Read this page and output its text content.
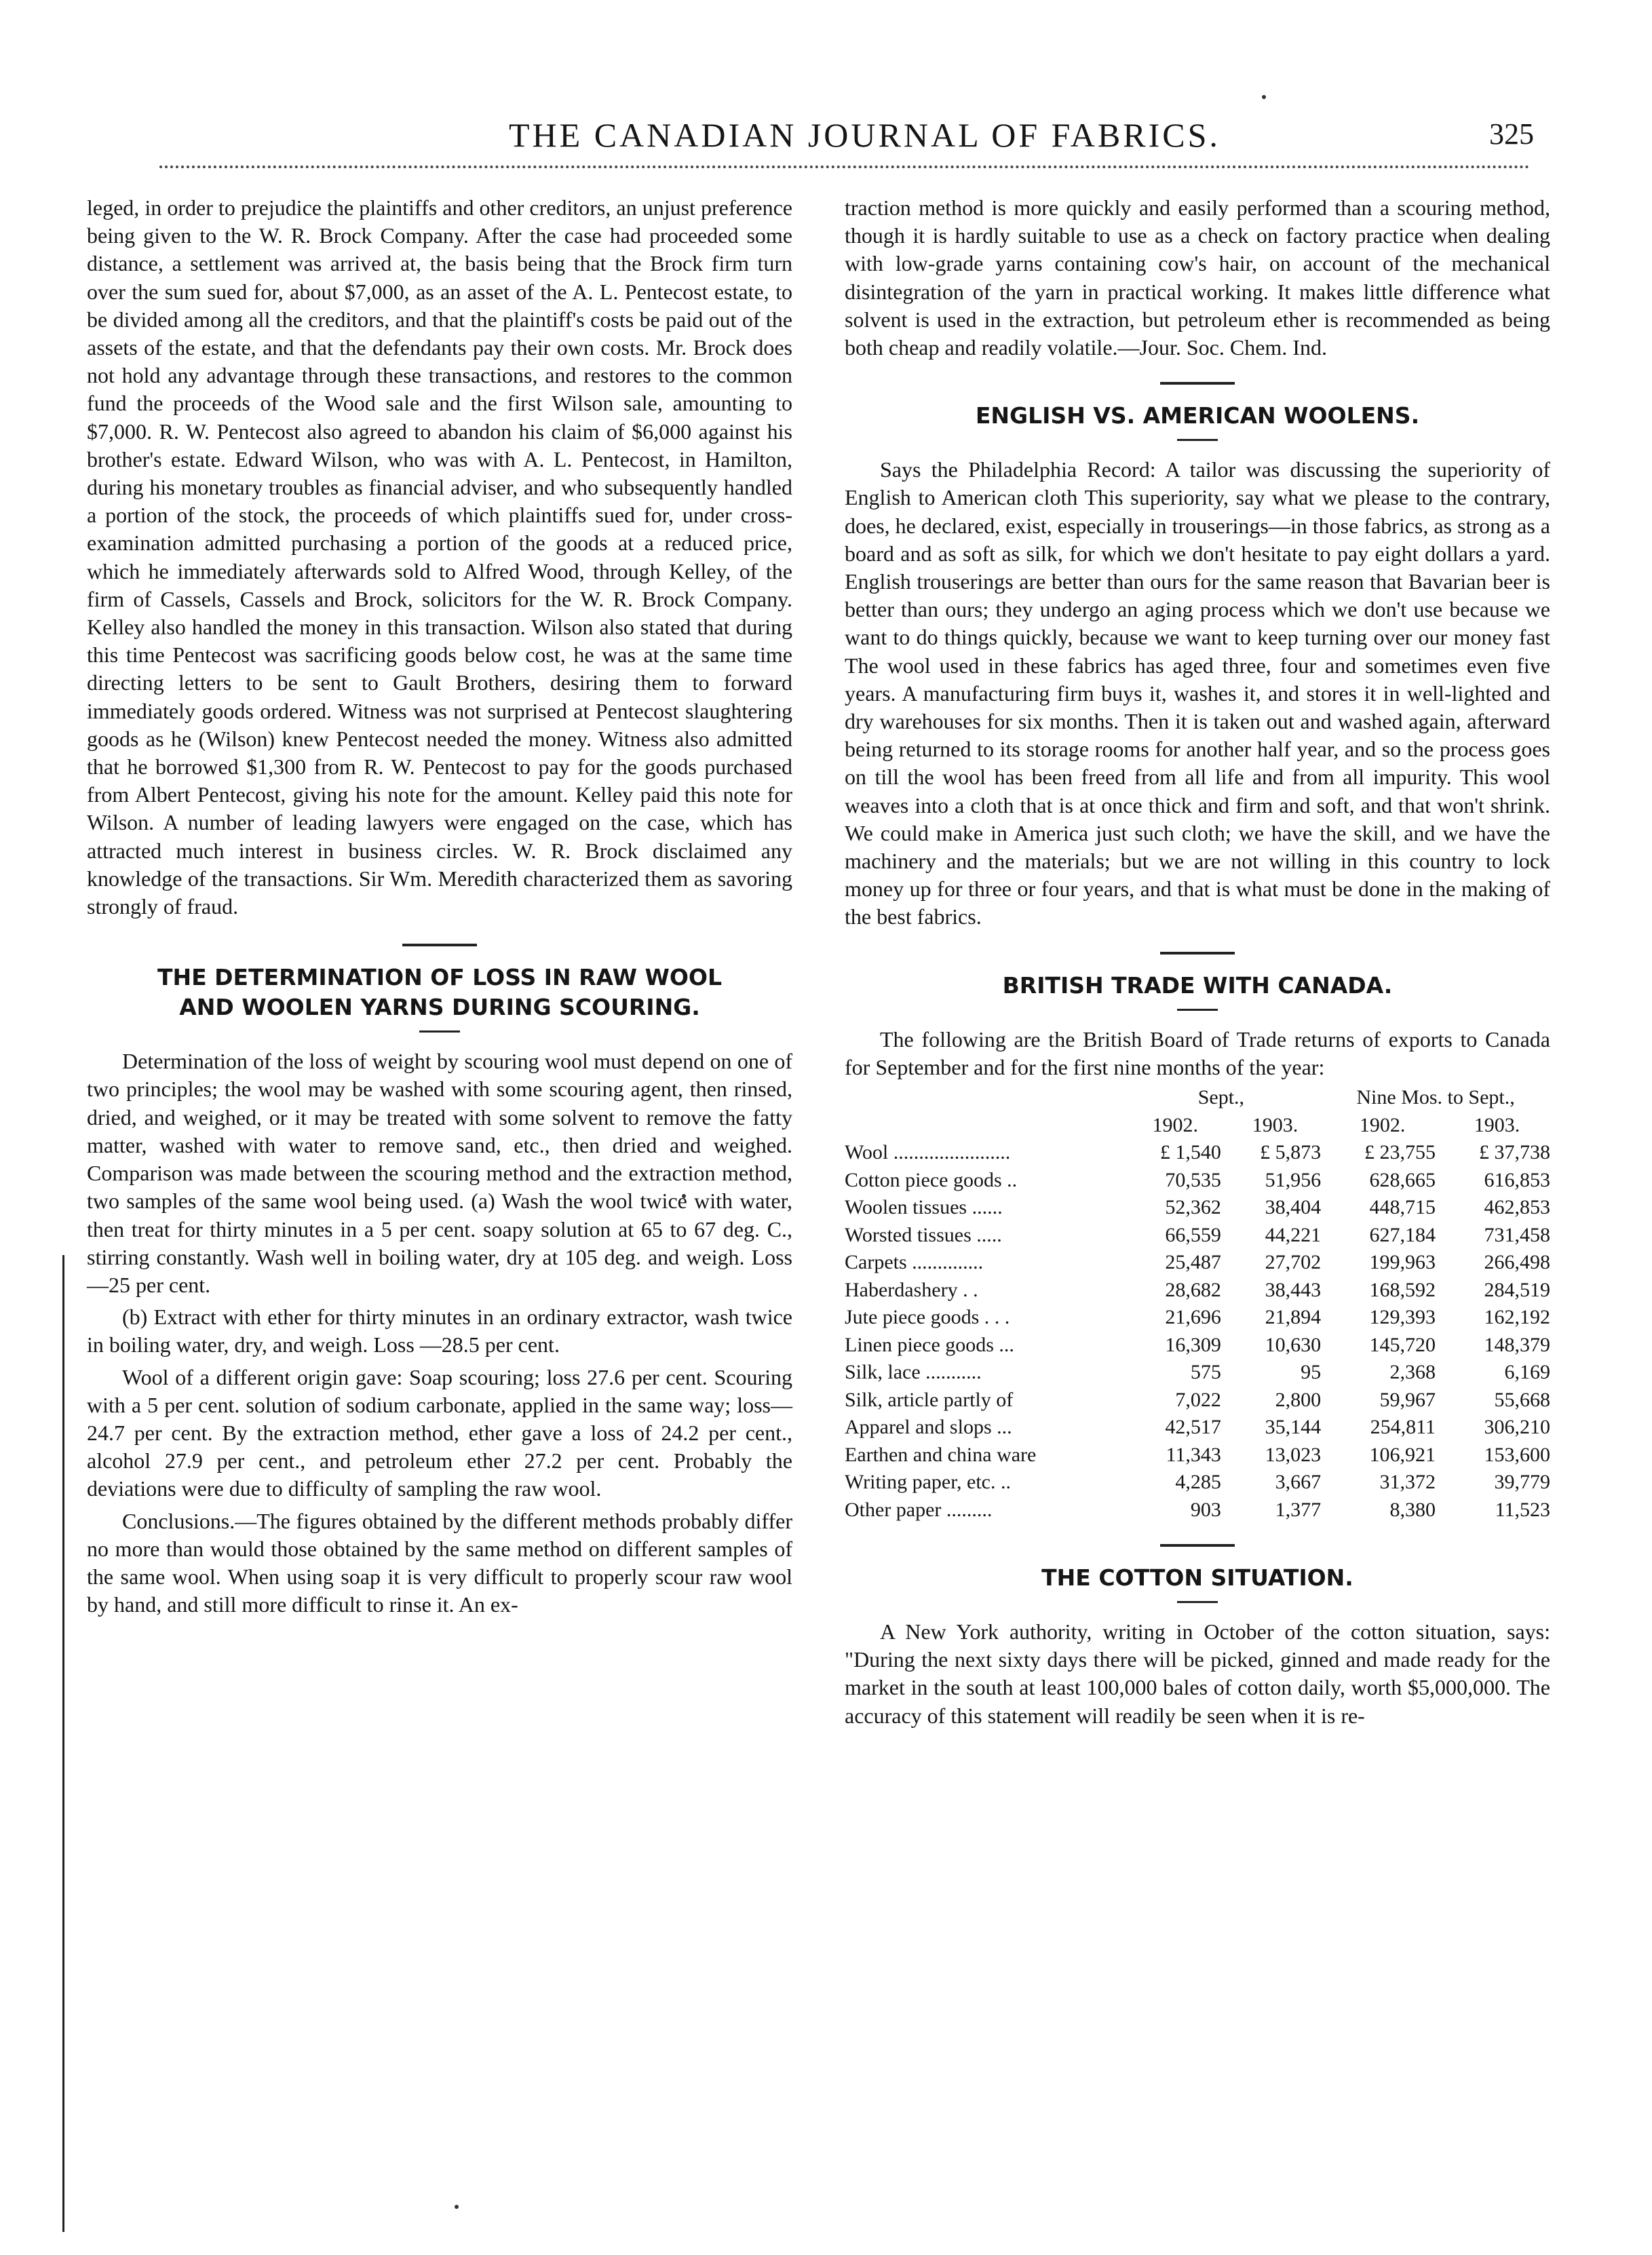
THE CANADIAN JOURNAL OF FABRICS.	325

leged, in order to prejudice the plaintiffs and other creditors, an unjust preference being given to the W. R. Brock Company. After the case had proceeded some distance, a settlement was arrived at, the basis being that the Brock firm turn over the sum sued for, about $7,000, as an asset of the A. L. Pentecost estate, to be divided among all the creditors, and that the plaintiff's costs be paid out of the assets of the estate, and that the defendants pay their own costs. Mr. Brock does not hold any advantage through these transactions, and restores to the common fund the proceeds of the Wood sale and the first Wilson sale, amounting to $7,000. R. W. Pentecost also agreed to abandon his claim of $6,000 against his brother's estate. Edward Wilson, who was with A. L. Pentecost, in Hamilton, during his monetary troubles as financial adviser, and who subsequently handled a portion of the stock, the proceeds of which plaintiffs sued for, under cross-examination admitted purchasing a portion of the goods at a reduced price, which he immediately afterwards sold to Alfred Wood, through Kelley, of the firm of Cassels, Cassels and Brock, solicitors for the W. R. Brock Company. Kelley also handled the money in this transaction. Wilson also stated that during this time Pentecost was sacrificing goods below cost, he was at the same time directing letters to be sent to Gault Brothers, desiring them to forward immediately goods ordered. Witness was not surprised at Pentecost slaughtering goods as he (Wilson) knew Pentecost needed the money. Witness also admitted that he borrowed $1,300 from R. W. Pentecost to pay for the goods purchased from Albert Pentecost, giving his note for the amount. Kelley paid this note for Wilson. A number of leading lawyers were engaged on the case, which has attracted much interest in business circles. W. R. Brock disclaimed any knowledge of the transactions. Sir Wm. Meredith characterized them as savoring strongly of fraud.

THE DETERMINATION OF LOSS IN RAW WOOL

AND WOOLEN YARNS DURING SCOURING.

Determination of the loss of weight by scouring wool must depend on one of two principles; the wool may be washed with some scouring agent, then rinsed, dried, and weighed, or it may be treated with some solvent to remove the fatty matter, washed with water to remove sand, etc., then dried and weighed. Comparison was made between the scouring method and the extraction method, two samples of the same wool being used. (a) Wash the wool twice with water, then treat for thirty minutes in a 5 per cent. soapy solution at 65 to 67 deg. C., stirring constantly. Wash well in boiling water, dry at 105 deg. and weigh. Loss—25 per cent.

(b) Extract with ether for thirty minutes in an ordinary extractor, wash twice in boiling water, dry, and weigh. Loss —28.5 per cent.

Wool of a different origin gave: Soap scouring; loss 27.6 per cent. Scouring with a 5 per cent. solution of sodium carbonate, applied in the same way; loss—24.7 per cent. By the extraction method, ether gave a loss of 24.2 per cent., alcohol 27.9 per cent., and petroleum ether 27.2 per cent. Probably the deviations were due to difficulty of sampling the raw wool.

Conclusions.—The figures obtained by the different methods probably differ no more than would those obtained by the same method on different samples of the same wool. When using soap it is very difficult to properly scour raw wool by hand, and still more difficult to rinse it. An ex-

traction method is more quickly and easily performed than a scouring method, though it is hardly suitable to use as a check on factory practice when dealing with low-grade yarns containing cow's hair, on account of the mechanical disintegration of the yarn in practical working. It makes little difference what solvent is used in the extraction, but petroleum ether is recommended as being both cheap and readily volatile.—Jour. Soc. Chem. Ind.

ENGLISH VS. AMERICAN WOOLENS.

Says the Philadelphia Record: A tailor was discussing the superiority of English to American cloth This superiority, say what we please to the contrary, does, he declared, exist, especially in trouserings—in those fabrics, as strong as a board and as soft as silk, for which we don't hesitate to pay eight dollars a yard. English trouserings are better than ours for the same reason that Bavarian beer is better than ours; they undergo an aging process which we don't use because we want to do things quickly, because we want to keep turning over our money fast The wool used in these fabrics has aged three, four and sometimes even five years. A manufacturing firm buys it, washes it, and stores it in well-lighted and dry warehouses for six months. Then it is taken out and washed again, afterward being returned to its storage rooms for another half year, and so the process goes on till the wool has been freed from all life and from all impurity. This wool weaves into a cloth that is at once thick and firm and soft, and that won't shrink. We could make in America just such cloth; we have the skill, and we have the machinery and the materials; but we are not willing in this country to lock money up for three or four years, and that is what must be done in the making of the best fabrics.

BRITISH TRADE WITH CANADA.

The following are the British Board of Trade returns of exports to Canada for September and for the first nine months of the year:

	Sept.,		Nine Mos. to Sept.,	
	1902.	1903.	1902.	1903.
Wool .......................	£ 1,540	£ 5,873	£ 23,755	£ 37,738
Cotton piece goods ..	70,535	51,956	628,665	616,853
Woolen tissues ......	52,362	38,404	448,715	462,853
Worsted tissues .....	66,559	44,221	627,184	731,458
Carpets ..............	25,487	27,702	199,963	266,498
Haberdashery . .	28,682	38,443	168,592	284,519
Jute piece goods . . .	21,696	21,894	129,393	162,192
Linen piece goods ...	16,309	10,630	145,720	148,379
Silk, lace ...........	575	95	2,368	6,169
Silk, article partly of	7,022	2,800	59,967	55,668
Apparel and slops ...	42,517	35,144	254,811	306,210
Earthen and china ware	11,343	13,023	106,921	153,600
Writing paper, etc. ..	4,285	3,667	31,372	39,779
Other paper .........	903	1,377	8,380	11,523

THE COTTON SITUATION.

A New York authority, writing in October of the cotton situation, says: "During the next sixty days there will be picked, ginned and made ready for the market in the south at least 100,000 bales of cotton daily, worth $5,000,000. The accuracy of this statement will readily be seen when it is re-
